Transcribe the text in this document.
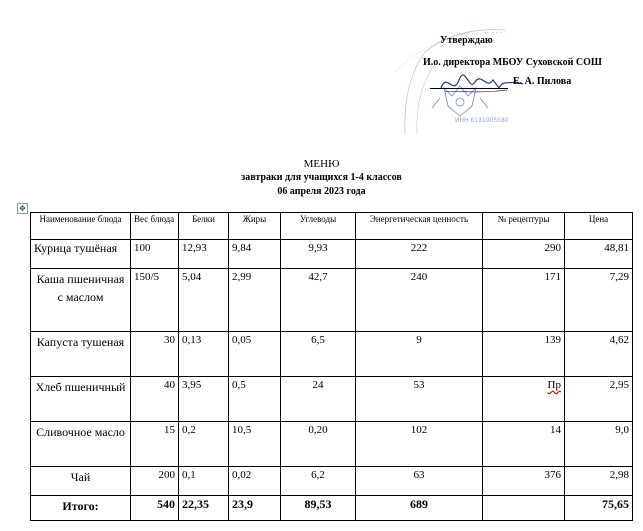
ИНН 6131005580
Утверждаю
И.о. директора МБОУ Суховской СОШ
Е. А. Пилова
МЕНЮ
завтраки для учащихся 1-4 классов
06 апреля 2023 года
✥
Наименование блюда	Вес блюда	Белки	Жиры	Углеводы	Энергетическая ценность	№ рецептуры	Цена
Курица тушёная	100	12,93	9,84	9,93	222	290	48,81
Каша пшеничная с маслом	150/5	5,04	2,99	42,7	240	171	7,29
Капуста тушеная	30	0,13	0,05	6,5	9	139	4,62
Хлеб пшеничный	40	3,95	0,5	24	53	Пр	2,95
Сливочное масло	15	0,2	10,5	0,20	102	14	9,0
Чай	200	0,1	0,02	6,2	63	376	2,98
Итого:	540	22,35	23,9	89,53	689		75,65
